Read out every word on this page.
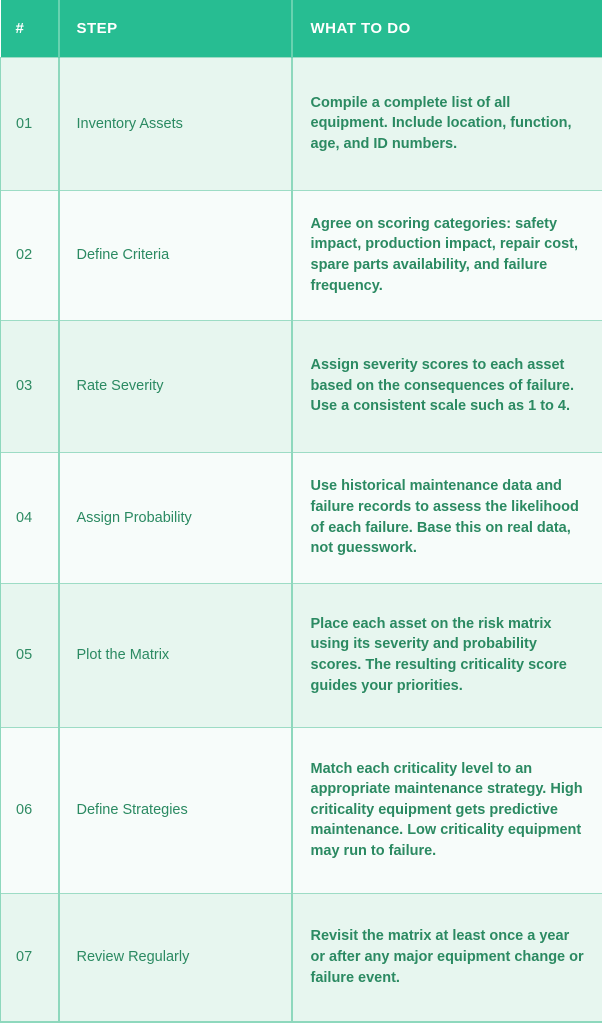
#	STEP	WHAT TO DO
01	Inventory Assets	Compile a complete list of all equipment. Include location, function, age, and ID numbers.
02	Define Criteria	Agree on scoring categories: safety impact, production impact, repair cost, spare parts availability, and failure frequency.
03	Rate Severity	Assign severity scores to each asset based on the consequences of failure. Use a consistent scale such as 1 to 4.
04	Assign Probability	Use historical maintenance data and failure records to assess the likelihood of each failure. Base this on real data, not guesswork.
05	Plot the Matrix	Place each asset on the risk matrix using its severity and probability scores. The resulting criticality score guides your priorities.
06	Define Strategies	Match each criticality level to an appropriate maintenance strategy. High criticality equipment gets predictive maintenance. Low criticality equipment may run to failure.
07	Review Regularly	Revisit the matrix at least once a year or after any major equipment change or failure event.
